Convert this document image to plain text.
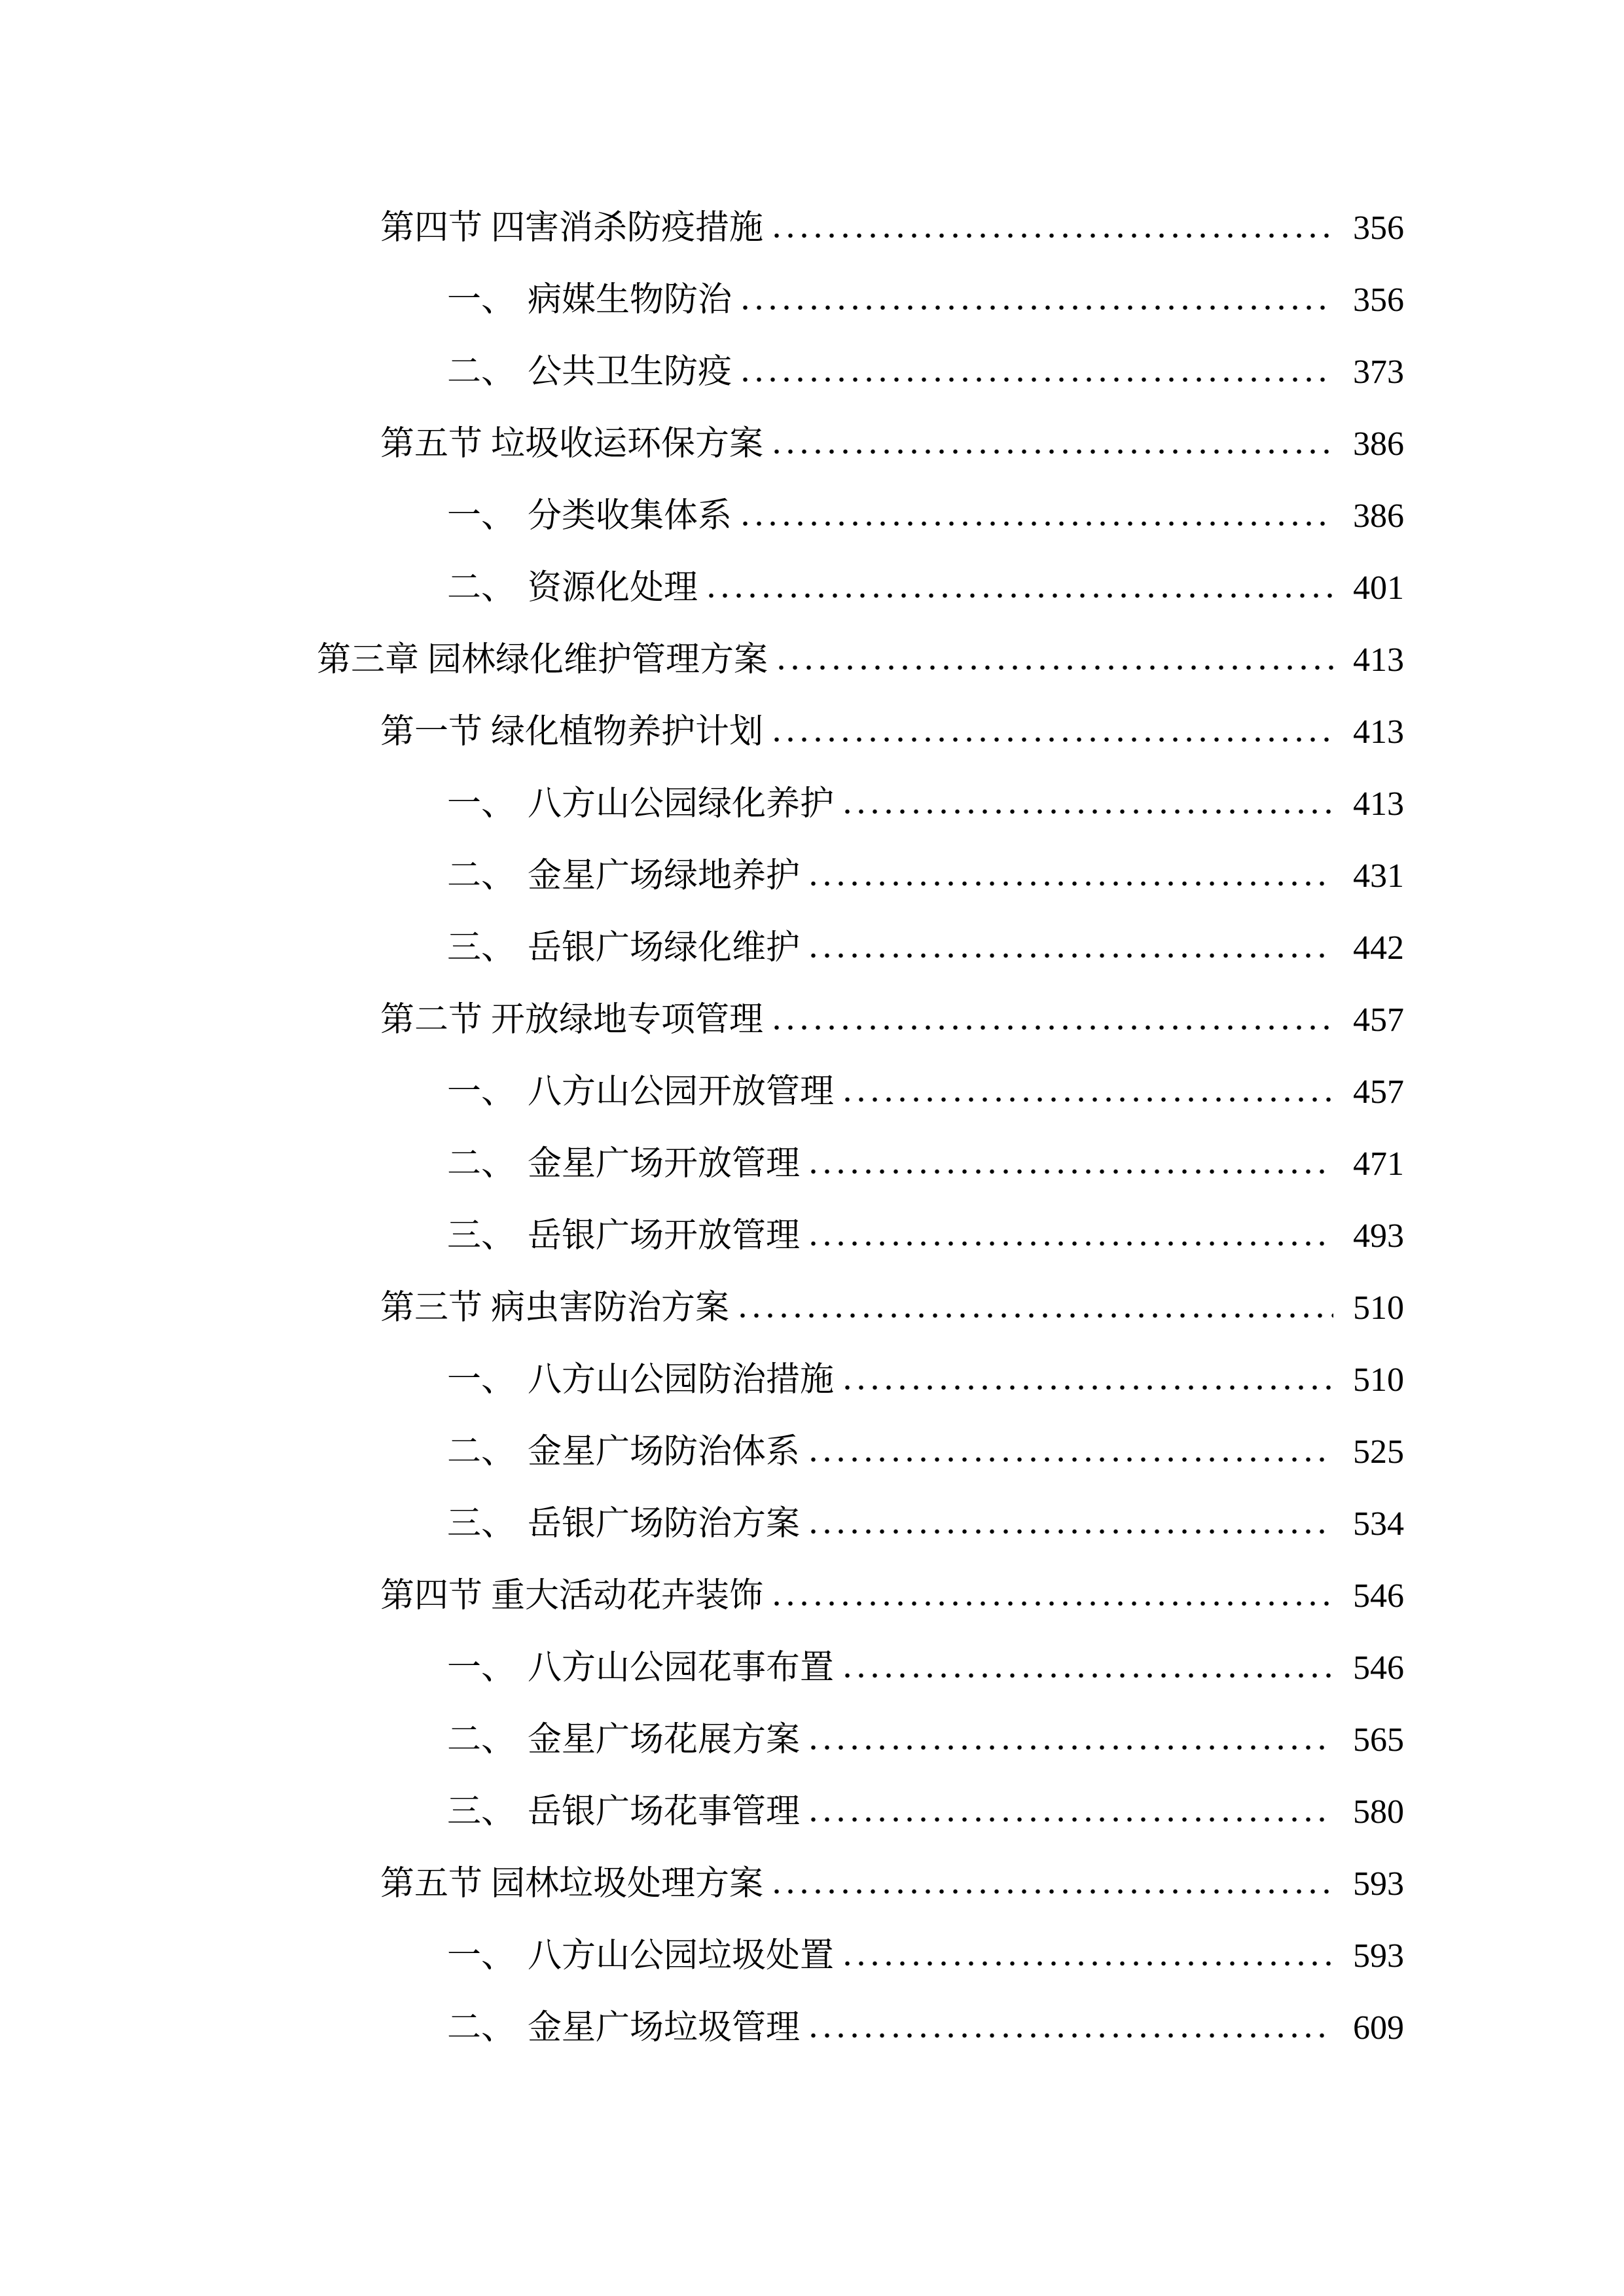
第四节 四害消杀防疫措施	356
一、 病媒生物防治	356
二、 公共卫生防疫	373
第五节 垃圾收运环保方案	386
一、 分类收集体系	386
二、 资源化处理	401
第三章 园林绿化维护管理方案	413
第一节 绿化植物养护计划	413
一、 八方山公园绿化养护	413
二、 金星广场绿地养护	431
三、 岳银广场绿化维护	442
第二节 开放绿地专项管理	457
一、 八方山公园开放管理	457
二、 金星广场开放管理	471
三、 岳银广场开放管理	493
第三节 病虫害防治方案	510
一、 八方山公园防治措施	510
二、 金星广场防治体系	525
三、 岳银广场防治方案	534
第四节 重大活动花卉装饰	546
一、 八方山公园花事布置	546
二、 金星广场花展方案	565
三、 岳银广场花事管理	580
第五节 园林垃圾处理方案	593
一、 八方山公园垃圾处置	593
二、 金星广场垃圾管理	609
